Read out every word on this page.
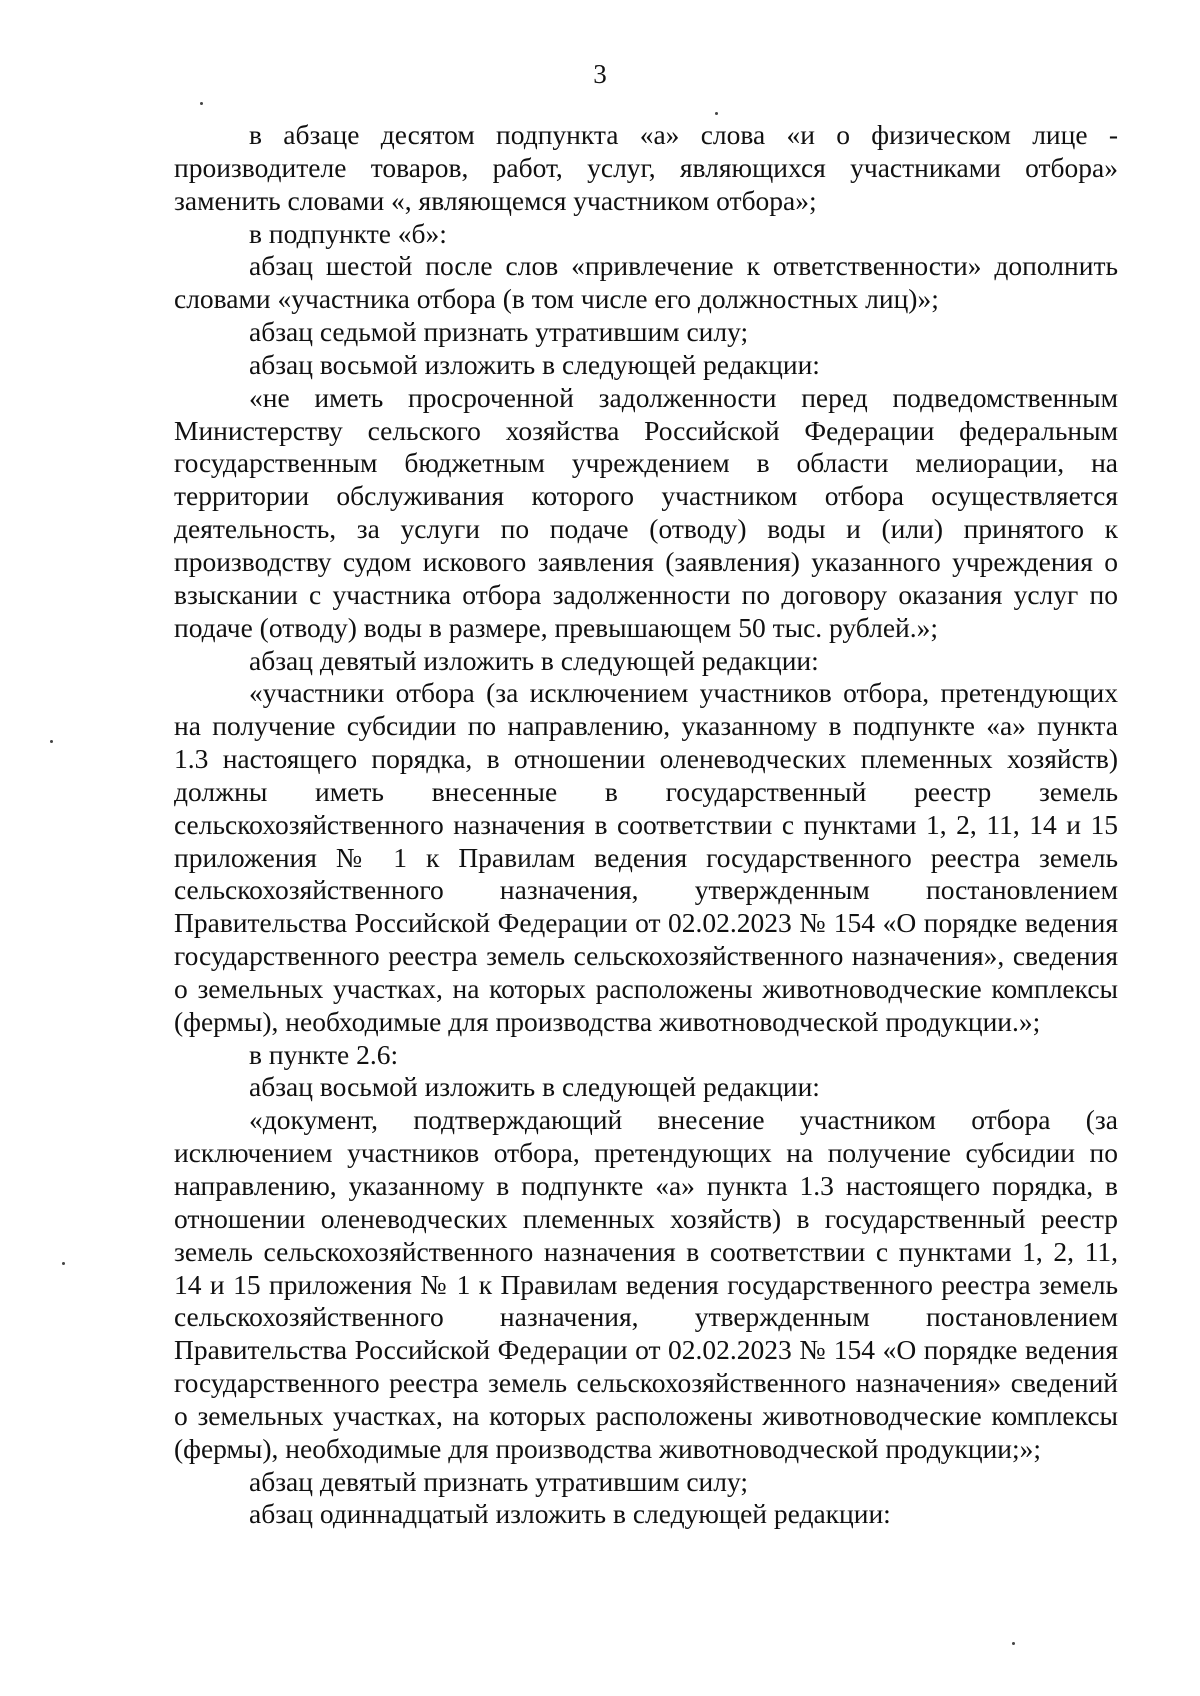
3

в абзаце десятом подпункта «а» слова «и о физическом лице - производителе товаров, работ, услуг, являющихся участниками отбора» заменить словами «, являющемся участником отбора»;

в подпункте «б»:

абзац шестой после слов «привлечение к ответственности» дополнить словами «участника отбора (в том числе его должностных лиц)»;

абзац седьмой признать утратившим силу;

абзац восьмой изложить в следующей редакции:

«не иметь просроченной задолженности перед подведомственным Министерству сельского хозяйства Российской Федерации федеральным государственным бюджетным учреждением в области мелиорации, на территории обслуживания которого участником отбора осуществляется деятельность, за услуги по подаче (отводу) воды и (или) принятого к производству судом искового заявления (заявления) указанного учреждения о взыскании с участника отбора задолженности по договору оказания услуг по подаче (отводу) воды в размере, превышающем 50 тыс. рублей.»;

абзац девятый изложить в следующей редакции:

«участники отбора (за исключением участников отбора, претендующих на получение субсидии по направлению, указанному в подпункте «а» пункта 1.3 настоящего порядка, в отношении оленеводческих племенных хозяйств) должны иметь внесенные в государственный реестр земель сельскохозяйственного назначения в соответствии с пунктами 1, 2, 11, 14 и 15 приложения № 1 к Правилам ведения государственного реестра земель сельскохозяйственного назначения, утвержденным постановлением Правительства Российской Федерации от 02.02.2023 № 154 «О порядке ведения государственного реестра земель сельскохозяйственного назначения», сведения о земельных участках, на которых расположены животноводческие комплексы (фермы), необходимые для производства животноводческой продукции.»;

в пункте 2.6:

абзац восьмой изложить в следующей редакции:

«документ, подтверждающий внесение участником отбора (за исключением участников отбора, претендующих на получение субсидии по направлению, указанному в подпункте «а» пункта 1.3 настоящего порядка, в отношении оленеводческих племенных хозяйств) в государственный реестр земель сельскохозяйственного назначения в соответствии с пунктами 1, 2, 11, 14 и 15 приложения № 1 к Правилам ведения государственного реестра земель сельскохозяйственного назначения, утвержденным постановлением Правительства Российской Федерации от 02.02.2023 № 154 «О порядке ведения государственного реестра земель сельскохозяйственного назначения» сведений о земельных участках, на которых расположены животноводческие комплексы (фермы), необходимые для производства животноводческой продукции;»;

абзац девятый признать утратившим силу;

абзац одиннадцатый изложить в следующей редакции:
